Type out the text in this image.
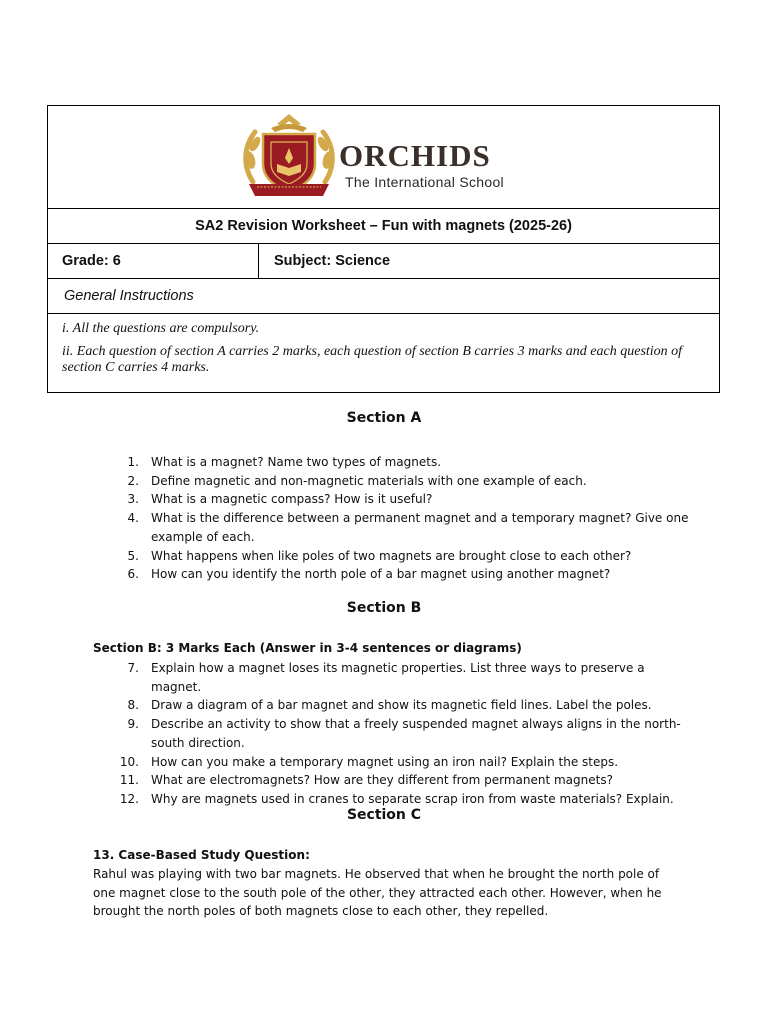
ORCHIDS
The International School
SA2 Revision Worksheet – Fun with magnets (2025-26)
Grade: 6	Subject: Science
General Instructions

i. All the questions are compulsory.

ii. Each question of section A carries 2 marks, each question of section B carries 3 marks and each question of section C carries 4 marks.

Section A
1.	What is a magnet? Name two types of magnets.
2.	Define magnetic and non-magnetic materials with one example of each.
3.	What is a magnetic compass? How is it useful?
4.	What is the difference between a permanent magnet and a temporary magnet? Give one example of each.
5.	What happens when like poles of two magnets are brought close to each other?
6.	How can you identify the north pole of a bar magnet using another magnet?
Section B
Section B: 3 Marks Each (Answer in 3-4 sentences or diagrams)
7.	Explain how a magnet loses its magnetic properties. List three ways to preserve a magnet.
8.	Draw a diagram of a bar magnet and show its magnetic field lines. Label the poles.
9.	Describe an activity to show that a freely suspended magnet always aligns in the north-south direction.
10.	How can you make a temporary magnet using an iron nail? Explain the steps.
11.	What are electromagnets? How are they different from permanent magnets?
12.	Why are magnets used in cranes to separate scrap iron from waste materials? Explain.
Section C
13. Case-Based Study Question:

Rahul was playing with two bar magnets. He observed that when he brought the north pole of one magnet close to the south pole of the other, they attracted each other. However, when he brought the north poles of both magnets close to each other, they repelled.
